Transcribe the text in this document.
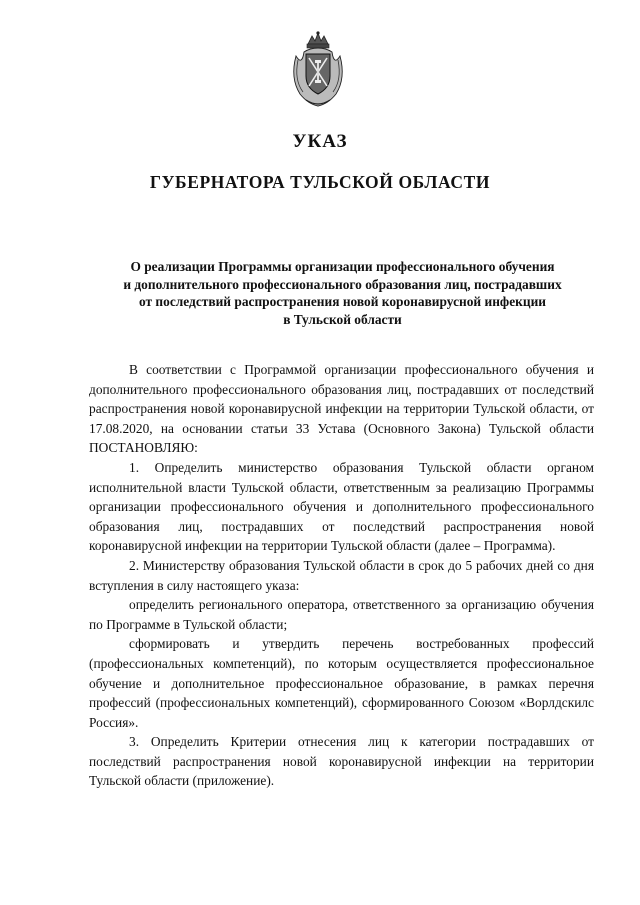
УКАЗ
ГУБЕРНАТОРА ТУЛЬСКОЙ ОБЛАСТИ
О реализации Программы организации профессионального обучения
и дополнительного профессионального образования лиц, пострадавших
от последствий распространения новой коронавирусной инфекции
в Тульской области

В соответствии с Программой организации профессионального обучения и дополнительного профессионального образования лиц, пострадавших от последствий распространения новой коронавирусной инфекции на территории Тульской области, от 17.08.2020, на основании статьи 33 Устава (Основного Закона) Тульской области ПОСТАНОВЛЯЮ:

1. Определить министерство образования Тульской области органом исполнительной власти Тульской области, ответственным за реализацию Программы организации профессионального обучения и дополнительного профессионального образования лиц, пострадавших от последствий распространения новой коронавирусной инфекции на территории Тульской области (далее – Программа).

2. Министерству образования Тульской области в срок до 5 рабочих дней со дня вступления в силу настоящего указа:

определить регионального оператора, ответственного за организацию обучения по Программе в Тульской области;

сформировать и утвердить перечень востребованных профессий (профессиональных компетенций), по которым осуществляется профессиональное обучение и дополнительное профессиональное образование, в рамках перечня профессий (профессиональных компетенций), сформированного Союзом «Ворлдскилс Россия».

3. Определить Критерии отнесения лиц к категории пострадавших от последствий распространения новой коронавирусной инфекции на территории Тульской области (приложение).
